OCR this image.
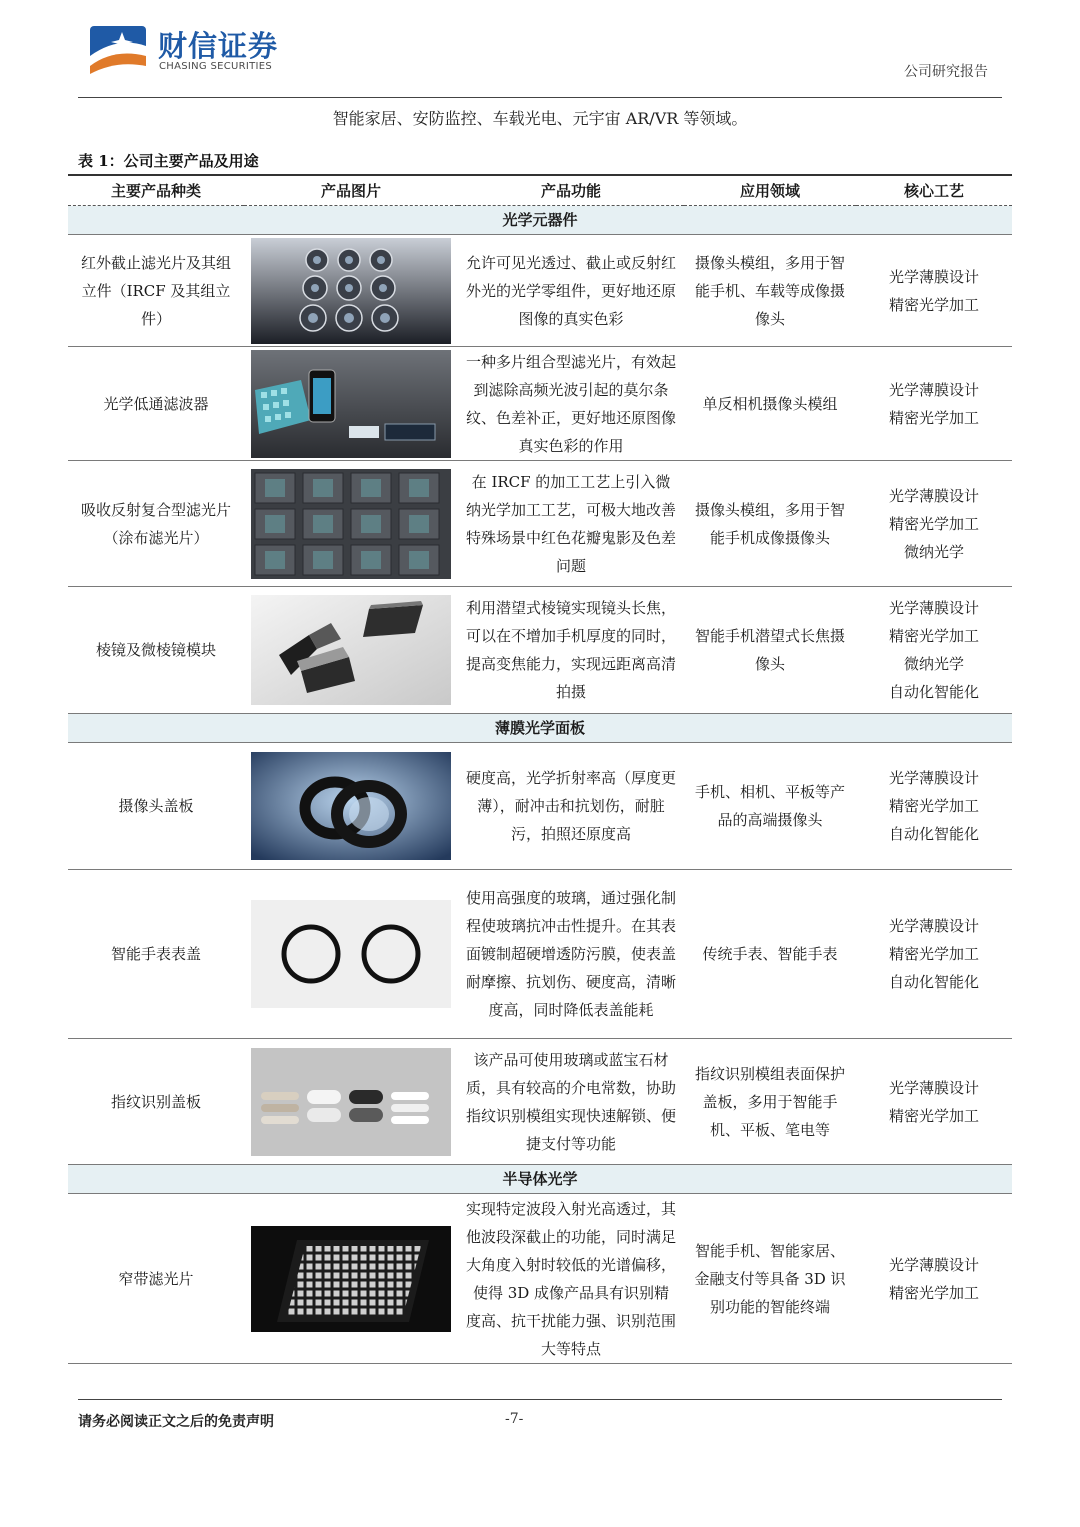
财信证券
CHASING SECURITIES	公司研究报告
智能家居、安防监控、车载光电、元宇宙 AR/VR 等领域。
表 1：公司主要产品及用途
主要产品种类	产品图片	产品功能	应用领域	核心工艺
光学元器件				
红外截止滤光片及其组立件（IRCF 及其组立件）		允许可见光透过、截止或反射红外光的光学零组件，更好地还原图像的真实色彩	摄像头模组，多用于智能手机、车载等成像摄像头	光学薄膜设计
精密光学加工

光学低通滤波器		一种多片组合型滤光片，有效起到滤除高频光波引起的莫尔条纹、色差补正，更好地还原图像真实色彩的作用	单反相机摄像头模组	光学薄膜设计
精密光学加工

吸收反射复合型滤光片（涂布滤光片）		在 IRCF 的加工工艺上引入微纳光学加工工艺，可极大地改善特殊场景中红色花瓣鬼影及色差问题	摄像头模组，多用于智能手机成像摄像头	光学薄膜设计
精密光学加工
微纳光学

棱镜及微棱镜模块		利用潜望式棱镜实现镜头长焦，可以在不增加手机厚度的同时，提高变焦能力，实现远距离高清拍摄	智能手机潜望式长焦摄像头	光学薄膜设计
精密光学加工
微纳光学
自动化智能化

薄膜光学面板				
摄像头盖板		硬度高，光学折射率高（厚度更薄），耐冲击和抗划伤，耐脏污，拍照还原度高	手机、相机、平板等产品的高端摄像头	光学薄膜设计
精密光学加工
自动化智能化

智能手表表盖		使用高强度的玻璃，通过强化制程使玻璃抗冲击性提升。在其表面镀制超硬增透防污膜，使表盖耐摩擦、抗划伤、硬度高，清晰度高，同时降低表盖能耗	传统手表、智能手表	光学薄膜设计
精密光学加工
自动化智能化

指纹识别盖板		该产品可使用玻璃或蓝宝石材质，具有较高的介电常数，协助指纹识别模组实现快速解锁、便捷支付等功能	指纹识别模组表面保护盖板，多用于智能手机、平板、笔电等	光学薄膜设计
精密光学加工

半导体光学				
窄带滤光片		实现特定波段入射光高透过，其他波段深截止的功能，同时满足大角度入射时较低的光谱偏移，使得 3D 成像产品具有识别精度高、抗干扰能力强、识别范围大等特点	智能手机、智能家居、金融支付等具备 3D 识别功能的智能终端	光学薄膜设计
精密光学加工
请务必阅读正文之后的免责声明	-7-
